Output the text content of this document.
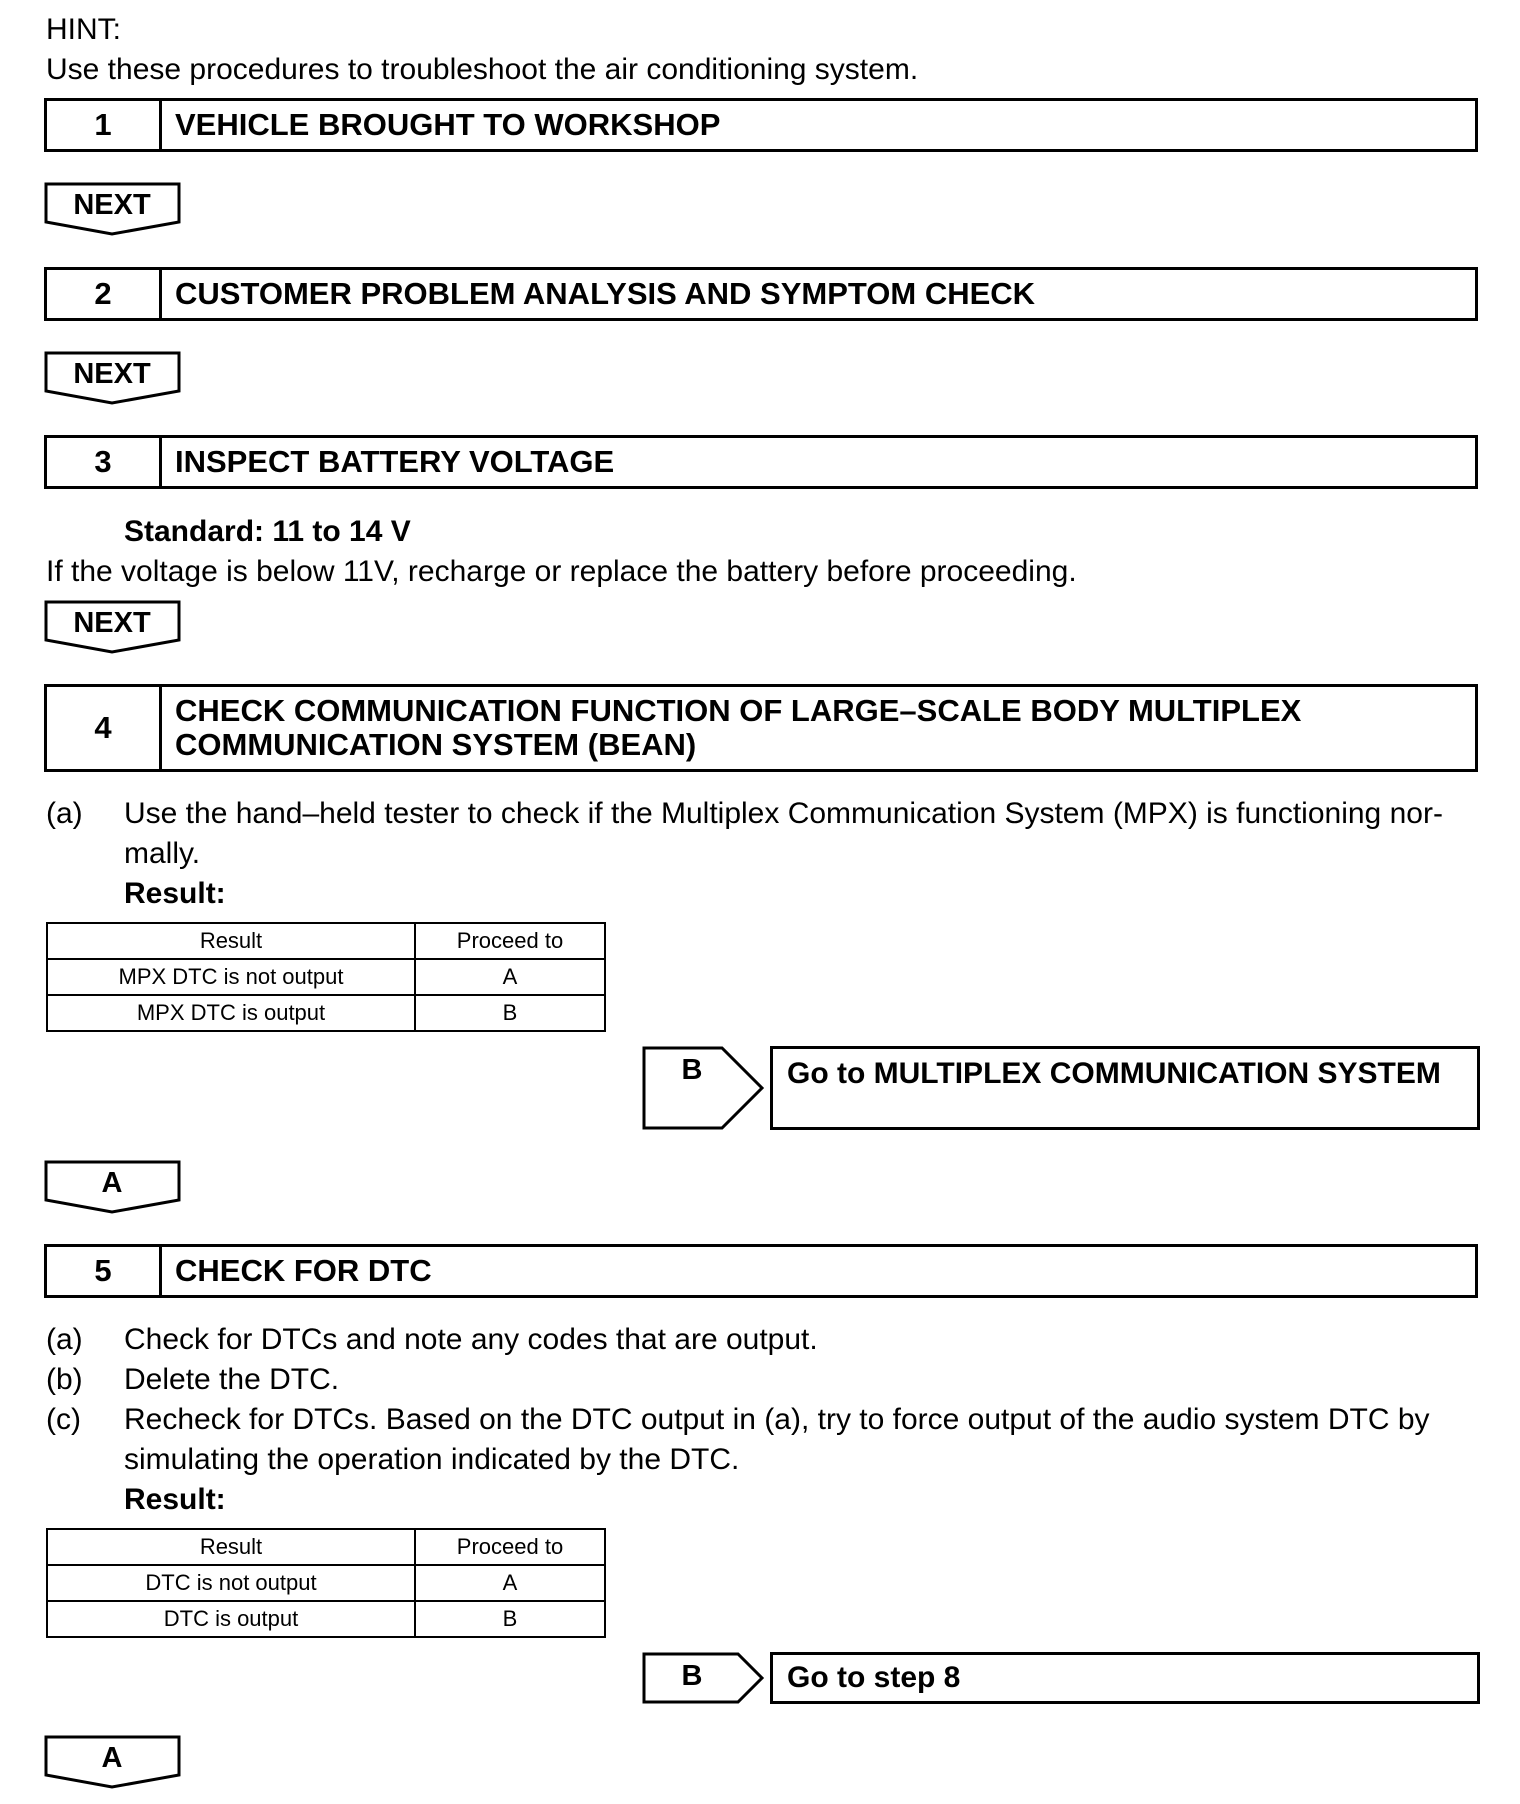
HINT:
Use these procedures to troubleshoot the air conditioning system.
1	VEHICLE BROUGHT TO WORKSHOP
NEXT
2	CUSTOMER PROBLEM ANALYSIS AND SYMPTOM CHECK
NEXT
3	INSPECT BATTERY VOLTAGE
Standard: 11 to 14 V
If the voltage is below 11V, recharge or replace the battery before proceeding.
NEXT
4	CHECK COMMUNICATION FUNCTION OF LARGE–SCALE BODY MULTIPLEX
COMMUNICATION SYSTEM (BEAN)
(a) Use the hand–held tester to check if the Multiplex Communication System (MPX) is functioning nor-
mally.
Result:
Result	Proceed to
MPX DTC is not output	A
MPX DTC is output	B
B	Go to MULTIPLEX COMMUNICATION SYSTEM
A
5	CHECK FOR DTC
(a) Check for DTCs and note any codes that are output.
(b) Delete the DTC.
(c) Recheck for DTCs. Based on the DTC output in (a), try to force output of the audio system DTC by
simulating the operation indicated by the DTC.
Result:
Result	Proceed to
DTC is not output	A
DTC is output	B
B	Go to step 8
A
